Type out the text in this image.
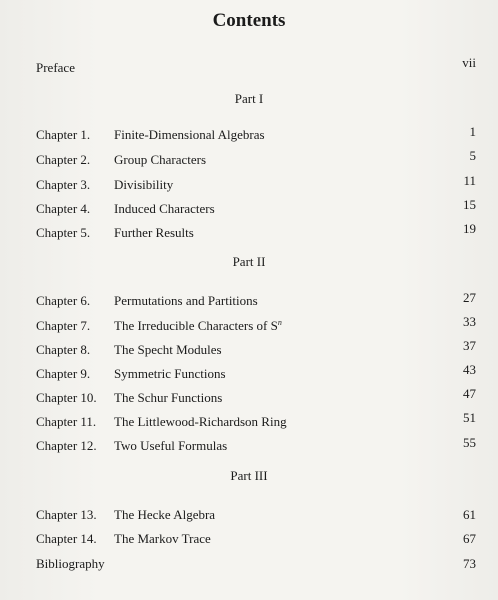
Contents
Preface	vii
Part I
Chapter 1. Finite-Dimensional Algebras	1
Chapter 2. Group Characters	5
Chapter 3. Divisibility	11
Chapter 4. Induced Characters	15
Chapter 5. Further Results	19
Part II
Chapter 6. Permutations and Partitions	27
Chapter 7. The Irreducible Characters of $S^n$	33
Chapter 8. The Specht Modules	37
Chapter 9. Symmetric Functions	43
Chapter 10. The Schur Functions	47
Chapter 11. The Littlewood-Richardson Ring	51
Chapter 12. Two Useful Formulas	55
Part III
Chapter 13. The Hecke Algebra	61
Chapter 14. The Markov Trace	67
Bibliography	73
